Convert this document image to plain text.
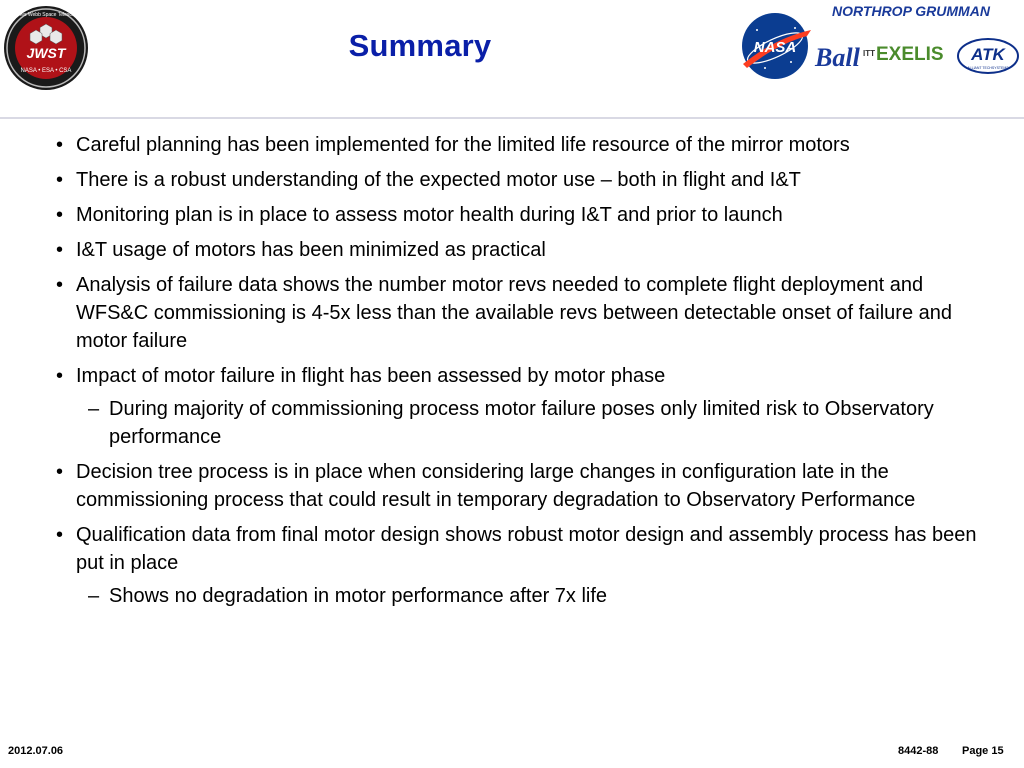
JWST
NASA • ESA • CSA
James Webb Space Telescope
Summary	NASA
NORTHROP GRUMMAN
Ball ITT EXELIS ATK
ALLIANT TECHSYSTEMS
• Careful planning has been implemented for the limited life resource of the mirror motors
• There is a robust understanding of the expected motor use – both in flight and I&T
• Monitoring plan is in place to assess motor health during I&T and prior to launch
• I&T usage of motors has been minimized as practical
• Analysis of failure data shows the number motor revs needed to complete flight deployment and WFS&C commissioning is 4-5x less than the available revs between detectable onset of failure and motor failure
• Impact of motor failure in flight has been assessed by motor phase
– During majority of commissioning process motor failure poses only limited risk to Observatory performance
• Decision tree process is in place when considering large changes in configuration late in the commissioning process that could result in temporary degradation to Observatory Performance
• Qualification data from final motor design shows robust motor design and assembly process has been put in place
– Shows no degradation in motor performance after 7x life
2012.07.06	8442-88 Page 15
